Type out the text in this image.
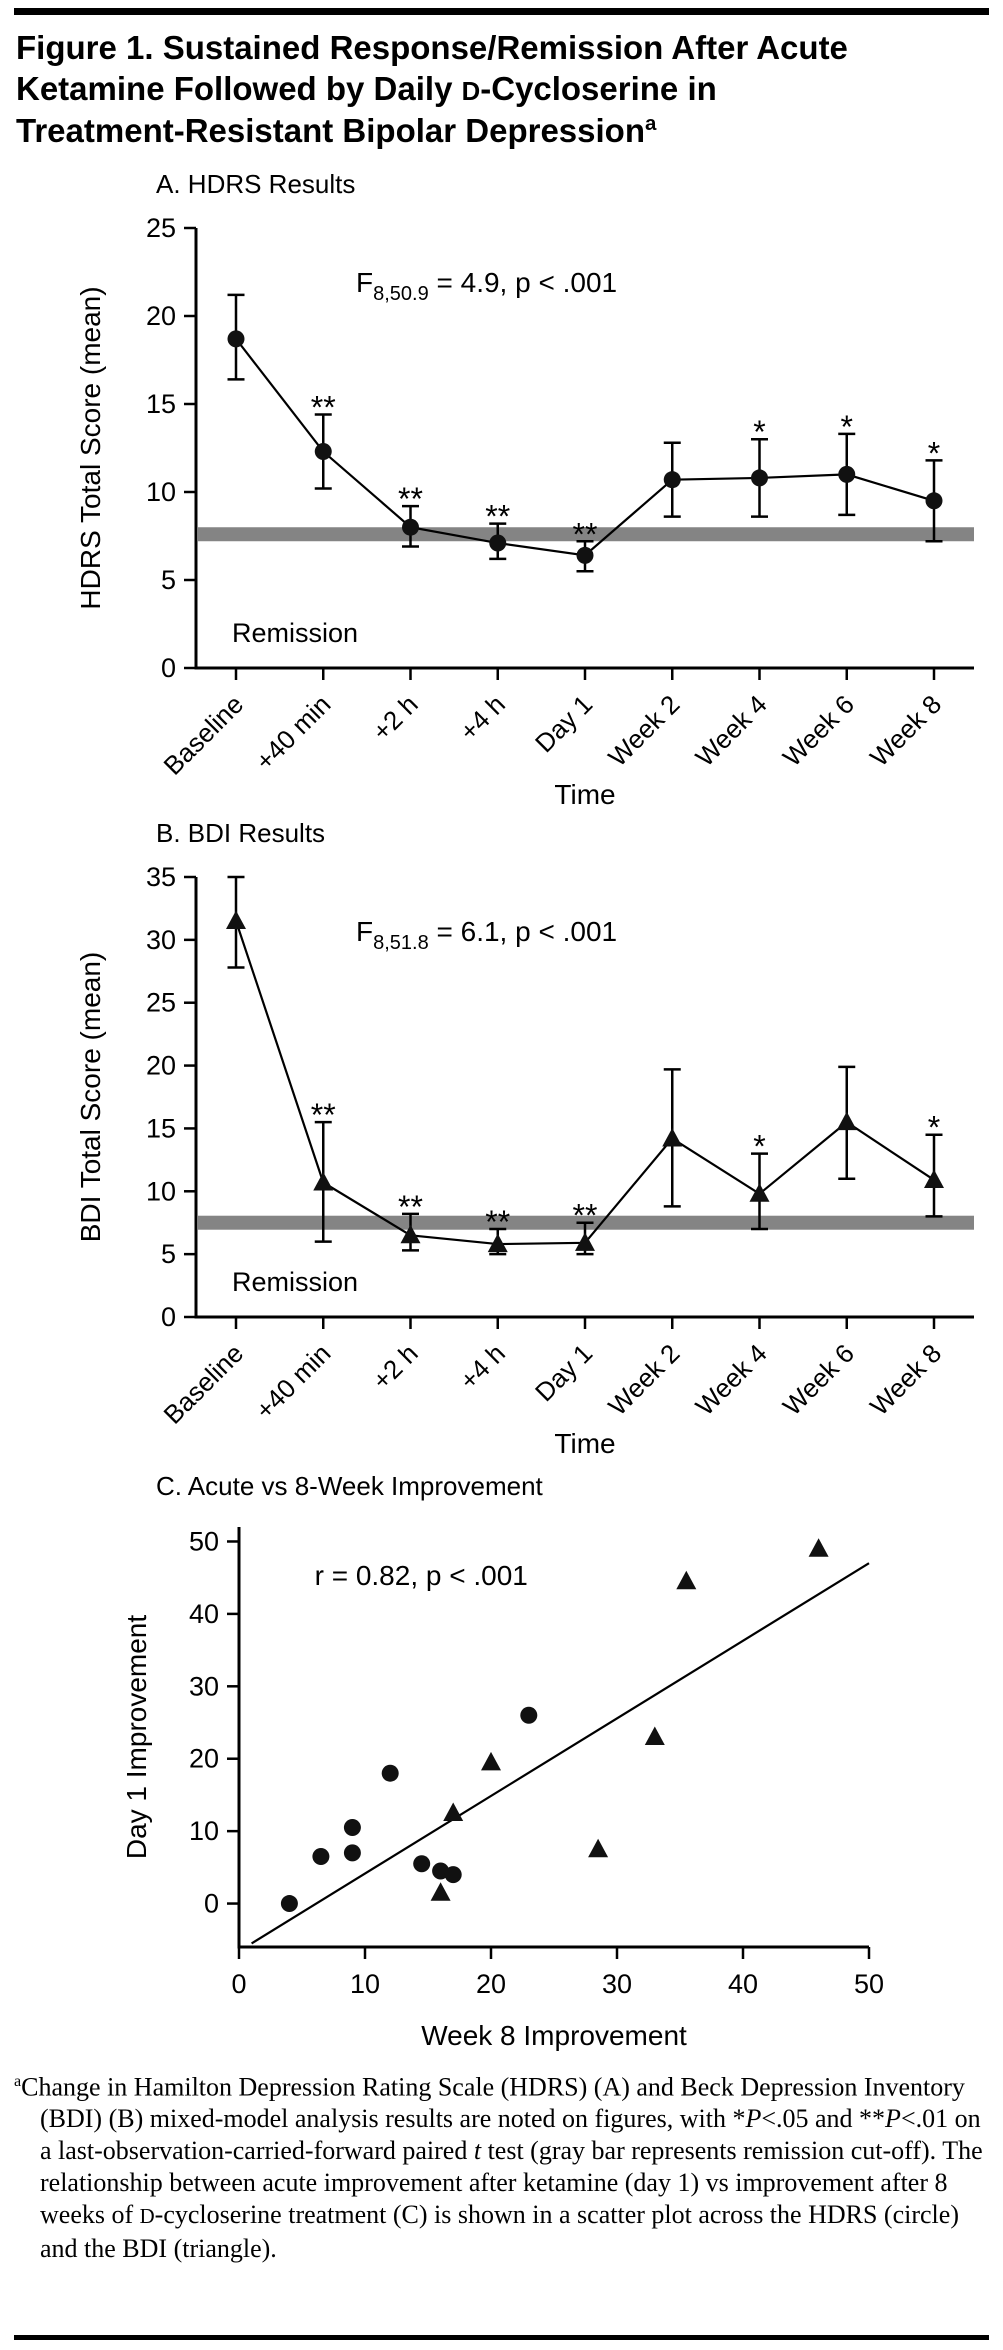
Figure 1. Sustained Response/Remission After Acute
Ketamine Followed by Daily D-Cycloserine in
Treatment-Resistant Bipolar Depression$^a$
A. HDRS Results
0
5
10
15
20
25
Baseline +40 min +2 h +4 h Day 1 Week 2 Week 4 Week 6 Week 8
**
** ** **
* *
*
$F_{8,50.9} = 4.9$, p < .001
Remission
HDRS Total Score (mean)
Time
B. BDI Results
0
5
10
15
20
25
30
35
Baseline +40 min +2 h +4 h Day 1 Week 2 Week 4 Week 6 Week 8
**
** ** **
*
*
$F_{8,51.8} = 6.1$, p < .001
Remission
BDI Total Score (mean)
Time
C. Acute vs 8-Week Improvement
0
10
20
30
40
50
0	10	20	30	40	50
r = 0.82, p < .001
Day 1 Improvement
Week 8 Improvement
$^a$Change in Hamilton Depression Rating Scale (HDRS) (A) and Beck Depression Inventory (BDI) (B) mixed-model analysis results are noted on figures, with *P<.05 and **P<.01 on a last-observation-carried-forward paired t test (gray bar represents remission cut-off). The relationship between acute improvement after ketamine (day 1) vs improvement after 8 weeks of D-cycloserine treatment (C) is shown in a scatter plot across the HDRS (circle) and the BDI (triangle).
